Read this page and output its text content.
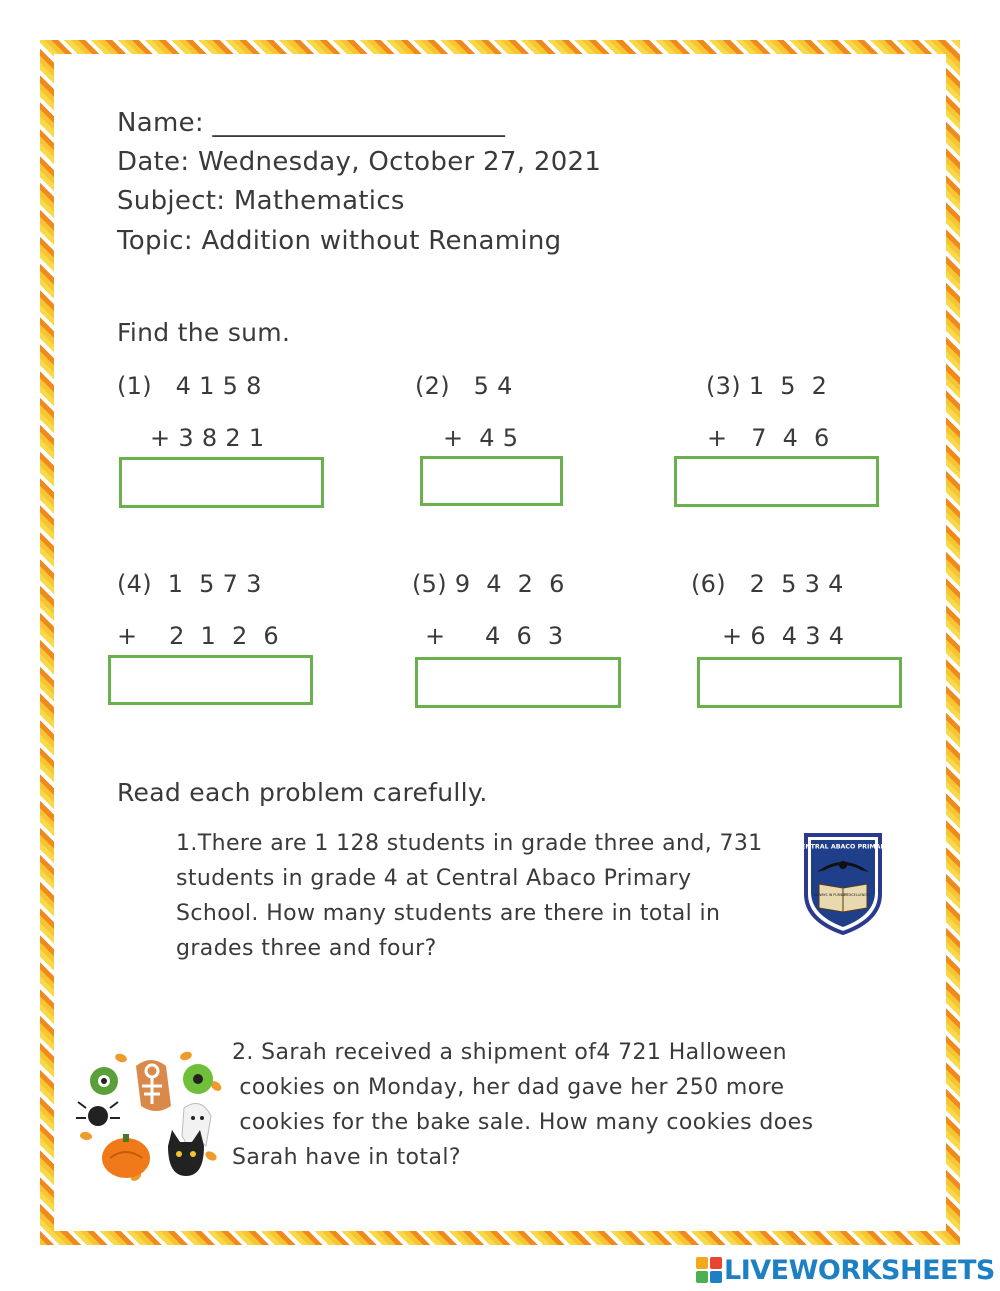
Name: ______________________
Date: Wednesday, October 27, 2021
Subject: Mathematics
Topic: Addition without Renaming
Find the sum.
(1)   4 1 5 8
+ 3 8 2 1
(2)   5 4
+  4 5
(3) 1  5  2
+   7  4  6
(4)  1  5 7 3
+    2  1  2  6
(5) 9  4  2  6
+     4  6  3
(6)   2  5 3 4
+ 6  4 3 4
Read each problem carefully.
1.There are 1 128 students in grade three and, 731
students in grade 4 at Central Abaco Primary
School. How many students are there in total in
grades three and four?
CENTRAL ABACO PRIMARY
ALWAYS IN PURSUIT
OF EXCELLENCE
2. Sarah received a shipment of4 721 Halloween
cookies on Monday, her dad gave her 250 more
cookies for the bake sale. How many cookies does
Sarah have in total?
LIVEWORKSHEETS
